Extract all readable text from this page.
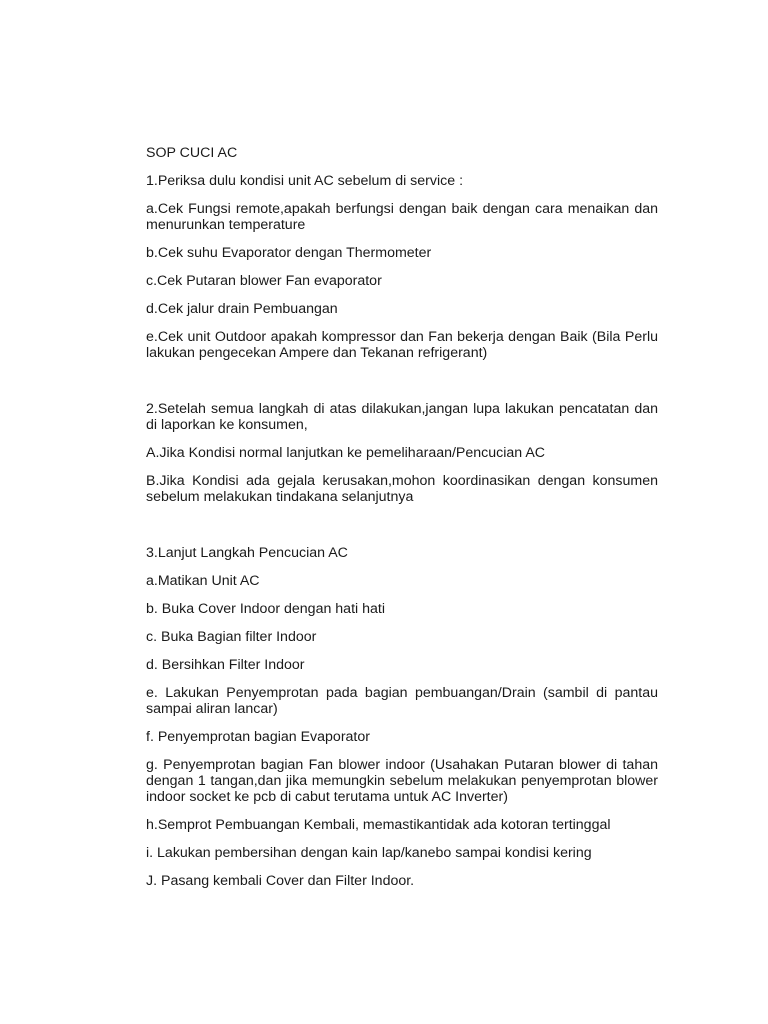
SOP CUCI AC

1.Periksa dulu kondisi unit AC sebelum di service :

a.Cek Fungsi remote,apakah berfungsi dengan baik dengan cara menaikan dan menurunkan temperature

b.Cek suhu Evaporator dengan Thermometer

c.Cek Putaran blower Fan evaporator

d.Cek jalur drain Pembuangan

e.Cek unit Outdoor apakah kompressor dan Fan bekerja dengan Baik (Bila Perlu lakukan pengecekan Ampere dan Tekanan refrigerant)

2.Setelah semua langkah di atas dilakukan,jangan lupa lakukan pencatatan dan di laporkan ke konsumen,

A.Jika Kondisi normal lanjutkan ke pemeliharaan/Pencucian AC

B.Jika Kondisi ada gejala kerusakan,mohon koordinasikan dengan konsumen sebelum melakukan tindakana selanjutnya

3.Lanjut Langkah Pencucian AC

a.Matikan Unit AC

b. Buka Cover Indoor dengan hati hati

c. Buka Bagian filter Indoor

d. Bersihkan Filter Indoor

e. Lakukan Penyemprotan pada bagian pembuangan/Drain (sambil di pantau sampai aliran lancar)

f. Penyemprotan bagian Evaporator

g. Penyemprotan bagian Fan blower indoor (Usahakan Putaran blower di tahan dengan 1 tangan,dan jika memungkin sebelum melakukan penyemprotan blower indoor socket ke pcb di cabut terutama untuk AC Inverter)

h.Semprot Pembuangan Kembali, memastikantidak ada kotoran tertinggal

i. Lakukan pembersihan dengan kain lap/kanebo sampai kondisi kering

J. Pasang kembali Cover dan Filter Indoor.
